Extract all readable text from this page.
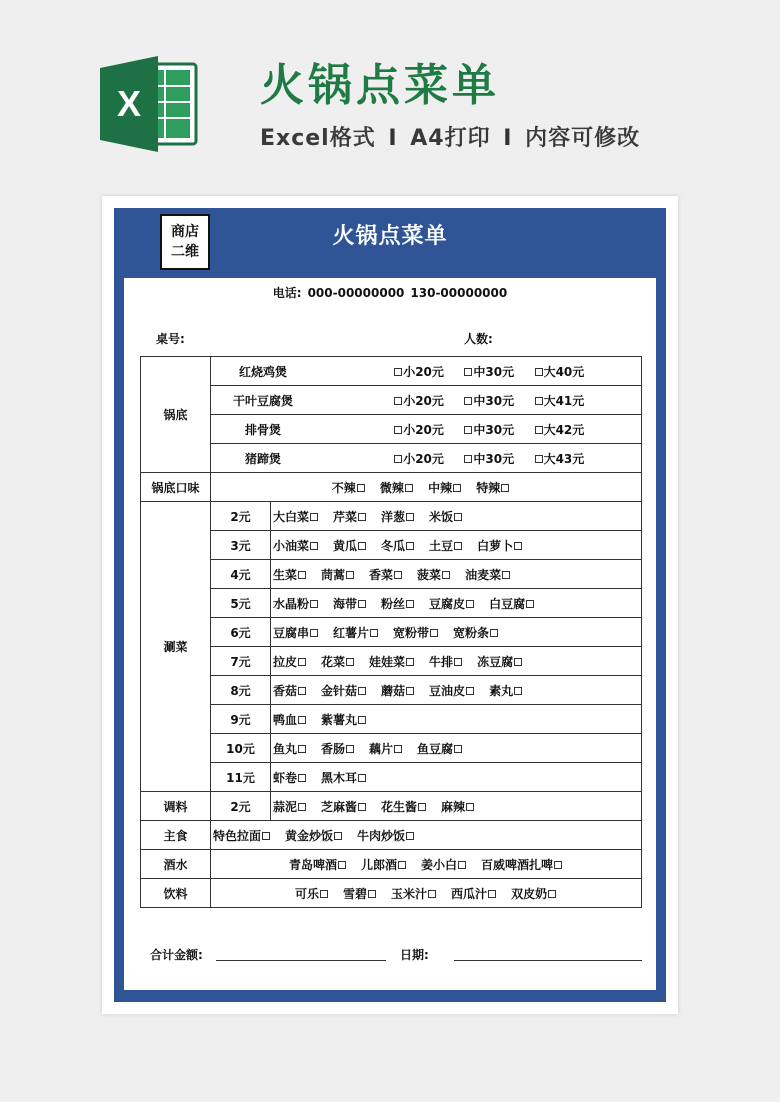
X	火锅点菜单
Excel格式 I A4打印 I 内容可修改
商店
二维
火锅点菜单
电话: 000-00000000 130-00000000
桌号:	人数:
锅底	红烧鸡煲 小20元 中30元 大40元	
	干叶豆腐煲 小20元 中30元 大41元	
	排骨煲 小20元 中30元 大42元	
	猪蹄煲 小20元 中30元 大43元	
锅底口味	不辣 微辣 中辣 特辣	
涮菜	2元	大白菜 芹菜 洋葱 米饭
	3元	小油菜 黄瓜 冬瓜 土豆 白萝卜
	4元	生菜 茼蒿 香菜 菠菜 油麦菜
	5元	水晶粉 海带 粉丝 豆腐皮 白豆腐
	6元	豆腐串 红薯片 宽粉带 宽粉条
	7元	拉皮 花菜 娃娃菜 牛排 冻豆腐
	8元	香菇 金针菇 蘑菇 豆油皮 素丸
	9元	鸭血 紫薯丸
	10元	鱼丸 香肠 藕片 鱼豆腐
	11元	虾卷 黑木耳
调料	2元	蒜泥 芝麻酱 花生酱 麻辣
主食	特色拉面 黄金炒饭 牛肉炒饭	
酒水	青岛啤酒 儿郎酒 姜小白 百威啤酒扎啤	
饮料	可乐 雪碧 玉米汁 西瓜汁 双皮奶	
合计金额:	日期:
